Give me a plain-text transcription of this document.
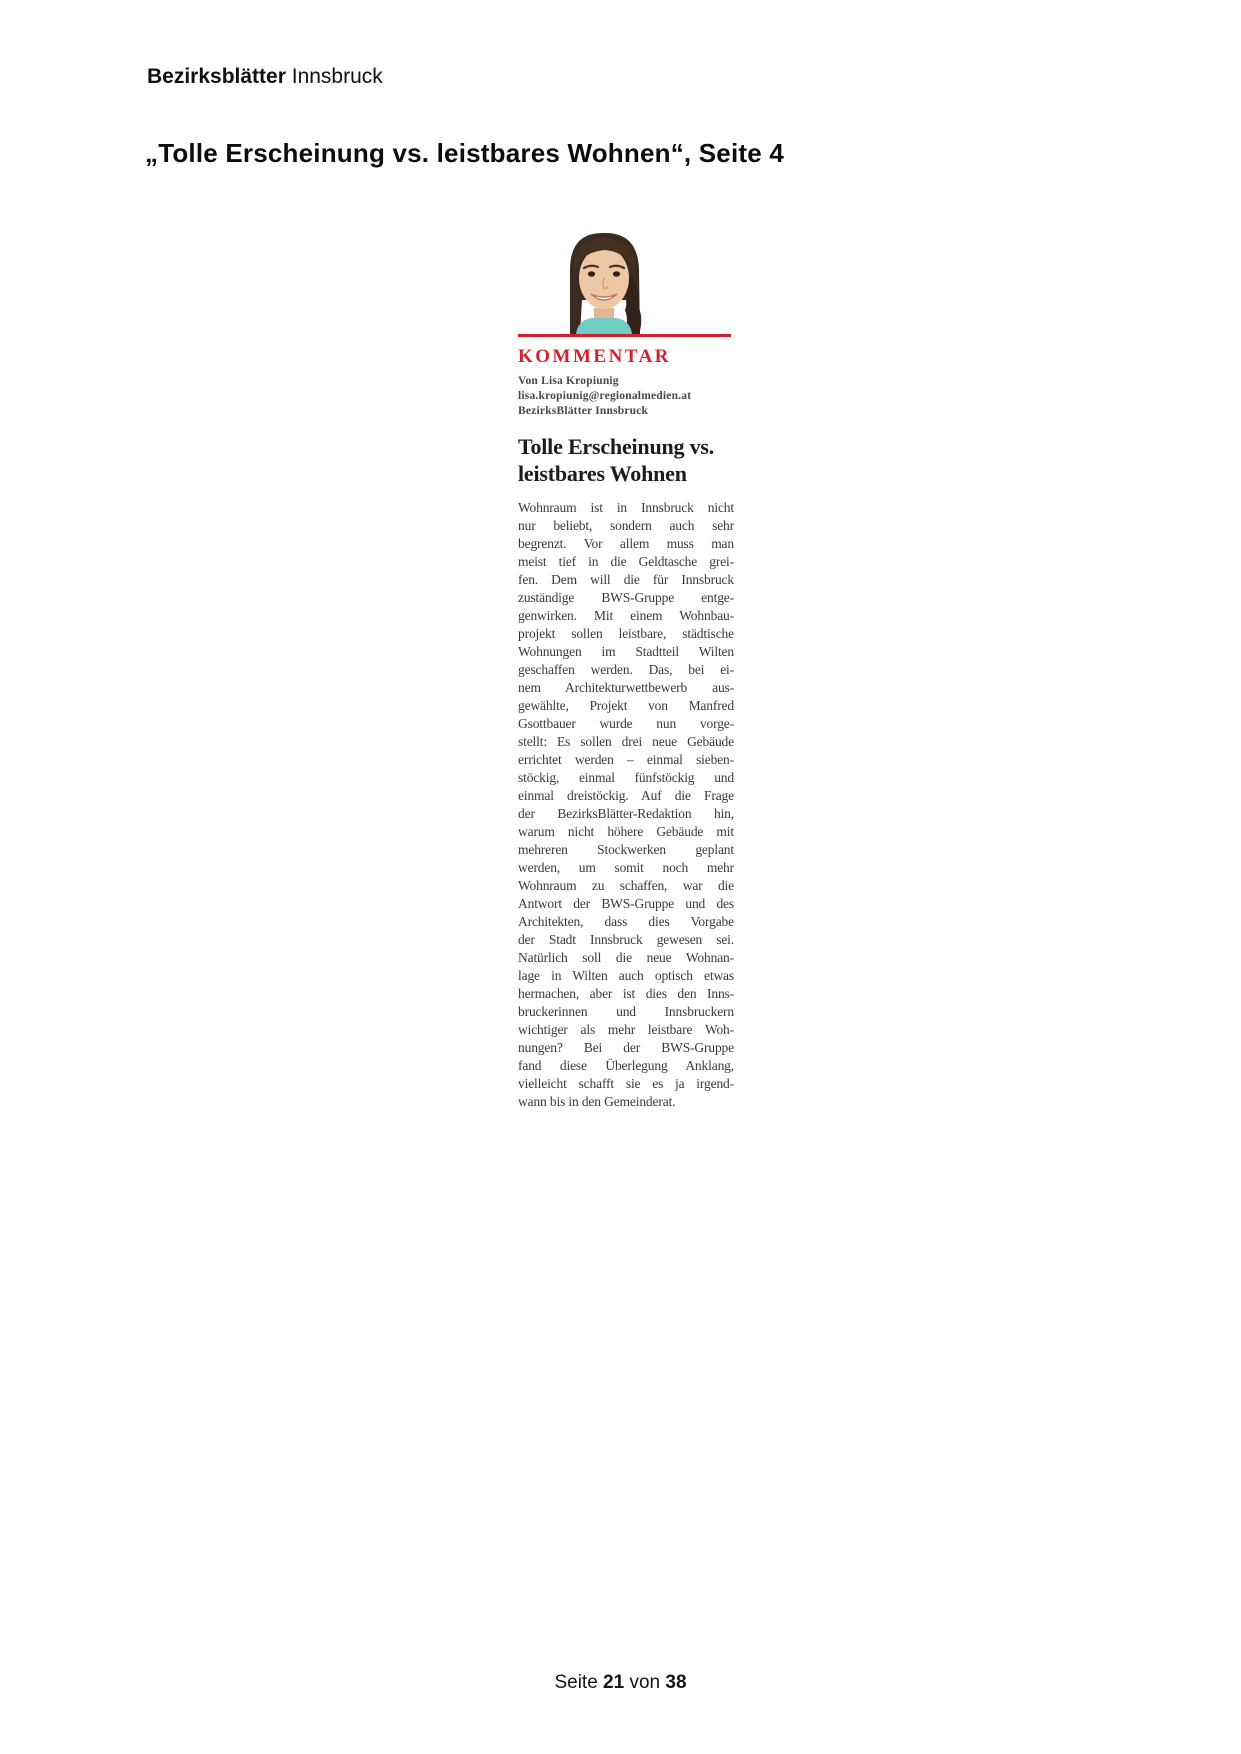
Bezirksblätter Innsbruck
„Tolle Erscheinung vs. leistbares Wohnen“, Seite 4
KOMMENTAR
Von Lisa Kropiunig
lisa.kropiunig@regionalmedien.at
BezirksBlätter Innsbruck
Tolle Erscheinung vs.
leistbares Wohnen
Wohnraum ist in Innsbruck nicht
nur beliebt, sondern auch sehr
begrenzt. Vor allem muss man
meist tief in die Geldtasche grei-
fen. Dem will die für Innsbruck
zuständige BWS-Gruppe entge-
genwirken. Mit einem Wohnbau-
projekt sollen leistbare, städtische
Wohnungen im Stadtteil Wilten
geschaffen werden. Das, bei ei-
nem Architekturwettbewerb aus-
gewählte, Projekt von Manfred
Gsottbauer wurde nun vorge-
stellt: Es sollen drei neue Gebäude
errichtet werden – einmal sieben-
stöckig, einmal fünfstöckig und
einmal dreistöckig. Auf die Frage
der BezirksBlätter-Redaktion hin,
warum nicht höhere Gebäude mit
mehreren Stockwerken geplant
werden, um somit noch mehr
Wohnraum zu schaffen, war die
Antwort der BWS-Gruppe und des
Architekten, dass dies Vorgabe
der Stadt Innsbruck gewesen sei.
Natürlich soll die neue Wohnan-
lage in Wilten auch optisch etwas
hermachen, aber ist dies den Inns-
bruckerinnen und Innsbruckern
wichtiger als mehr leistbare Woh-
nungen? Bei der BWS-Gruppe
fand diese Überlegung Anklang,
vielleicht schafft sie es ja irgend-
wann bis in den Gemeinderat.
Seite 21 von 38
